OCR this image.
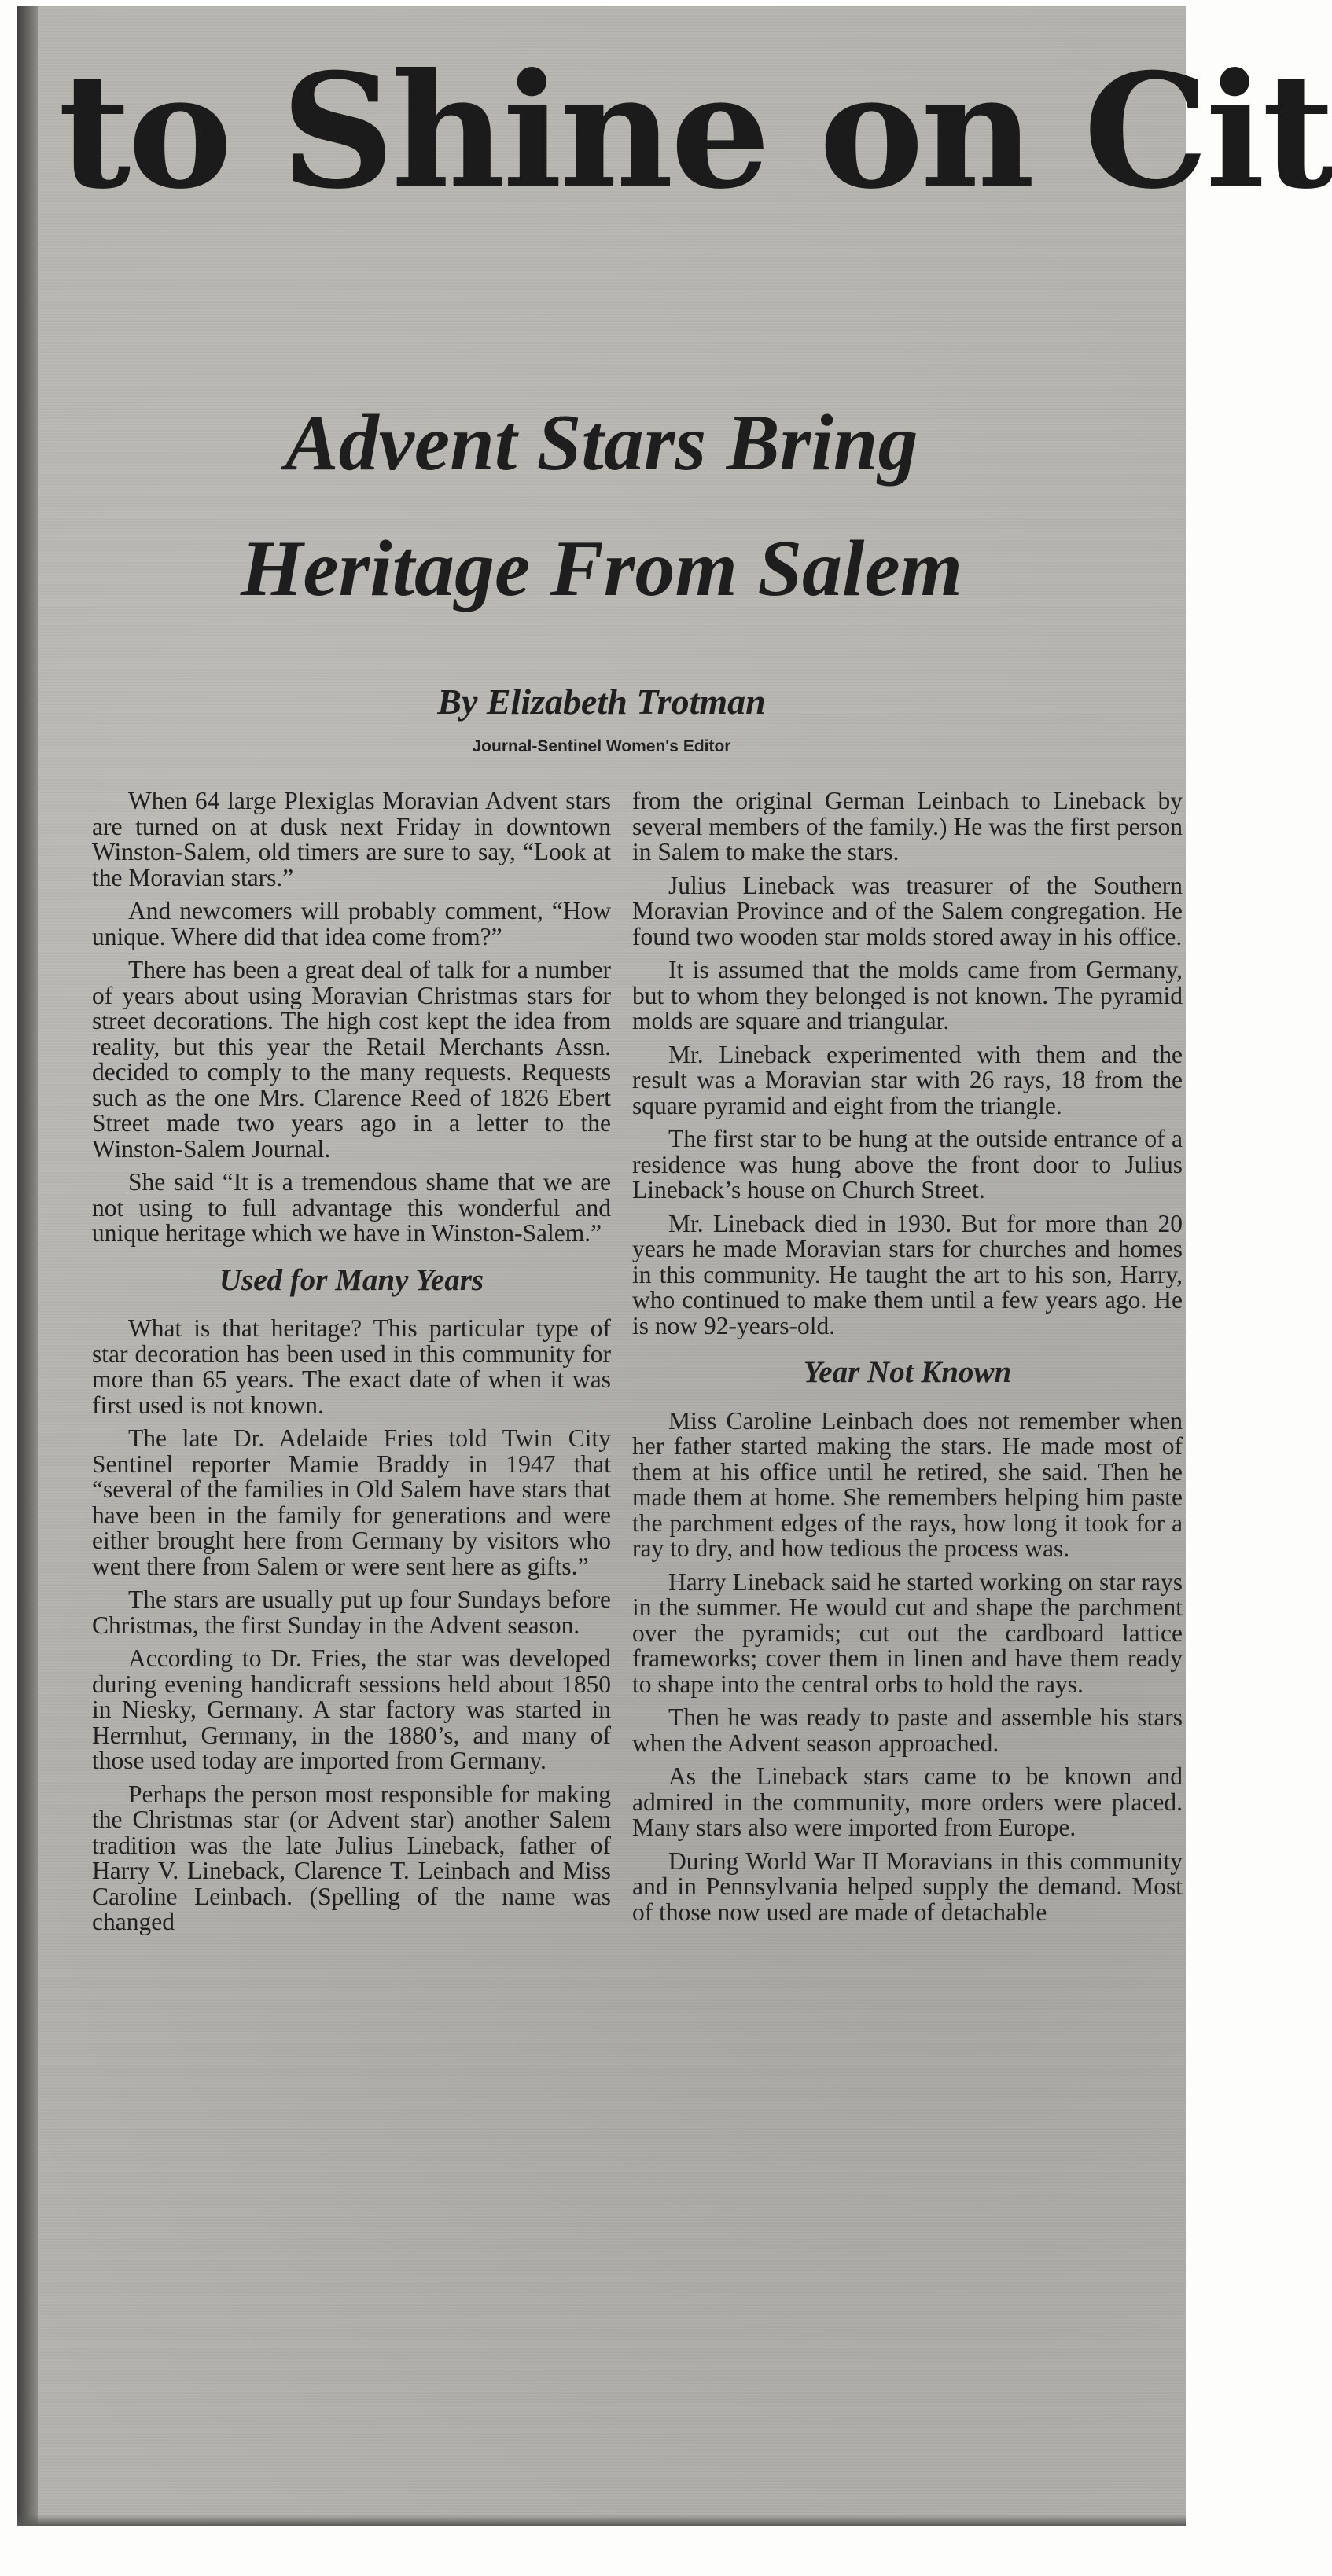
to Shine on Cit
Advent Stars Bring
Heritage From Salem
By Elizabeth Trotman
Journal-Sentinel Women's Editor

When 64 large Plexiglas Moravian Advent stars are turned on at dusk next Friday in downtown Winston-Salem, old timers are sure to say, “Look at the Moravian stars.”

And newcomers will probably comment, “How unique. Where did that idea come from?”

There has been a great deal of talk for a number of years about using Moravian Christmas stars for street decorations. The high cost kept the idea from reality, but this year the Retail Merchants Assn. decided to comply to the many requests. Requests such as the one Mrs. Clarence Reed of 1826 Ebert Street made two years ago in a letter to the Winston-Salem Journal.

She said “It is a tremendous shame that we are not using to full advantage this wonderful and unique heritage which we have in Winston-Salem.”

Used for Many Years

What is that heritage? This particular type of star decoration has been used in this community for more than 65 years. The exact date of when it was first used is not known.

The late Dr. Adelaide Fries told Twin City Sentinel reporter Mamie Braddy in 1947 that “several of the families in Old Salem have stars that have been in the family for generations and were either brought here from Germany by visitors who went there from Salem or were sent here as gifts.”

The stars are usually put up four Sundays before Christmas, the first Sunday in the Advent season.

According to Dr. Fries, the star was developed during evening handicraft sessions held about 1850 in Niesky, Germany. A star factory was started in Herrnhut, Germany, in the 1880’s, and many of those used today are imported from Germany.

Perhaps the person most responsible for making the Christmas star (or Advent star) another Salem tradition was the late Julius Lineback, father of Harry V. Lineback, Clarence T. Leinbach and Miss Caroline Leinbach. (Spelling of the name was changed

from the original German Leinbach to Lineback by several members of the family.) He was the first person in Salem to make the stars.

Julius Lineback was treasurer of the Southern Moravian Province and of the Salem congregation. He found two wooden star molds stored away in his office.

It is assumed that the molds came from Germany, but to whom they belonged is not known. The pyramid molds are square and triangular.

Mr. Lineback experimented with them and the result was a Moravian star with 26 rays, 18 from the square pyramid and eight from the triangle.

The first star to be hung at the outside entrance of a residence was hung above the front door to Julius Lineback’s house on Church Street.

Mr. Lineback died in 1930. But for more than 20 years he made Moravian stars for churches and homes in this community. He taught the art to his son, Harry, who continued to make them until a few years ago. He is now 92-years-old.

Year Not Known

Miss Caroline Leinbach does not remember when her father started making the stars. He made most of them at his office until he retired, she said. Then he made them at home. She remembers helping him paste the parchment edges of the rays, how long it took for a ray to dry, and how tedious the process was.

Harry Lineback said he started working on star rays in the summer. He would cut and shape the parchment over the pyramids; cut out the cardboard lattice frameworks; cover them in linen and have them ready to shape into the central orbs to hold the rays.

Then he was ready to paste and assemble his stars when the Advent season approached.

As the Lineback stars came to be known and admired in the community, more orders were placed. Many stars also were imported from Europe.

During World War II Moravians in this community and in Pennsylvania helped supply the demand. Most of those now used are made of detachable
